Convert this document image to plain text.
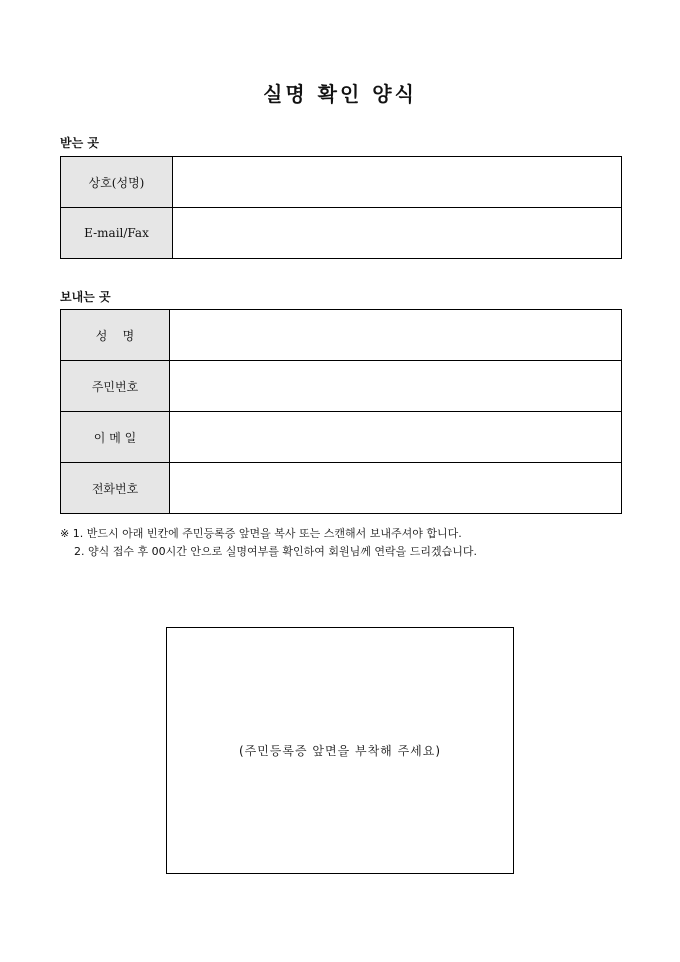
실명 확인 양식
받는 곳
상호(성명)	
E-mail/Fax	
보내는 곳
성    명	
주민번호	
이 메 일	
전화번호	
※ 1. 반드시 아래 빈칸에 주민등록증 앞면을 복사 또는 스캔해서 보내주셔야 합니다.
2. 양식 접수 후 00시간 안으로 실명여부를 확인하여 회원님께 연락을 드리겠습니다.
(주민등록증 앞면을 부착해 주세요)
